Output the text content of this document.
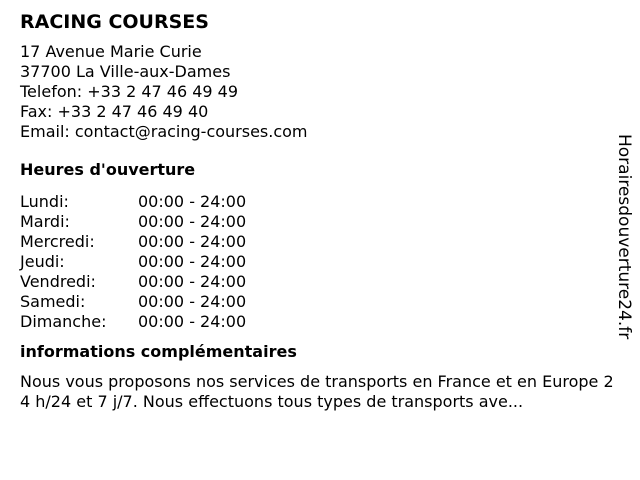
RACING COURSES
17 Avenue Marie Curie
37700 La Ville-aux-Dames
Telefon: +33 2 47 46 49 49
Fax: +33 2 47 46 49 40
Email: contact@racing-courses.com
Heures d'ouverture
Lundi:	00:00 - 24:00
Mardi:	00:00 - 24:00
Mercredi:	00:00 - 24:00
Jeudi:	00:00 - 24:00
Vendredi:	00:00 - 24:00
Samedi:	00:00 - 24:00
Dimanche:	00:00 - 24:00
informations complémentaires
Nous vous proposons nos services de transports en France et en Europe 24 h/24 et 7 j/7. Nous effectuons tous types de transports ave...
Horairesdouverture24.fr
